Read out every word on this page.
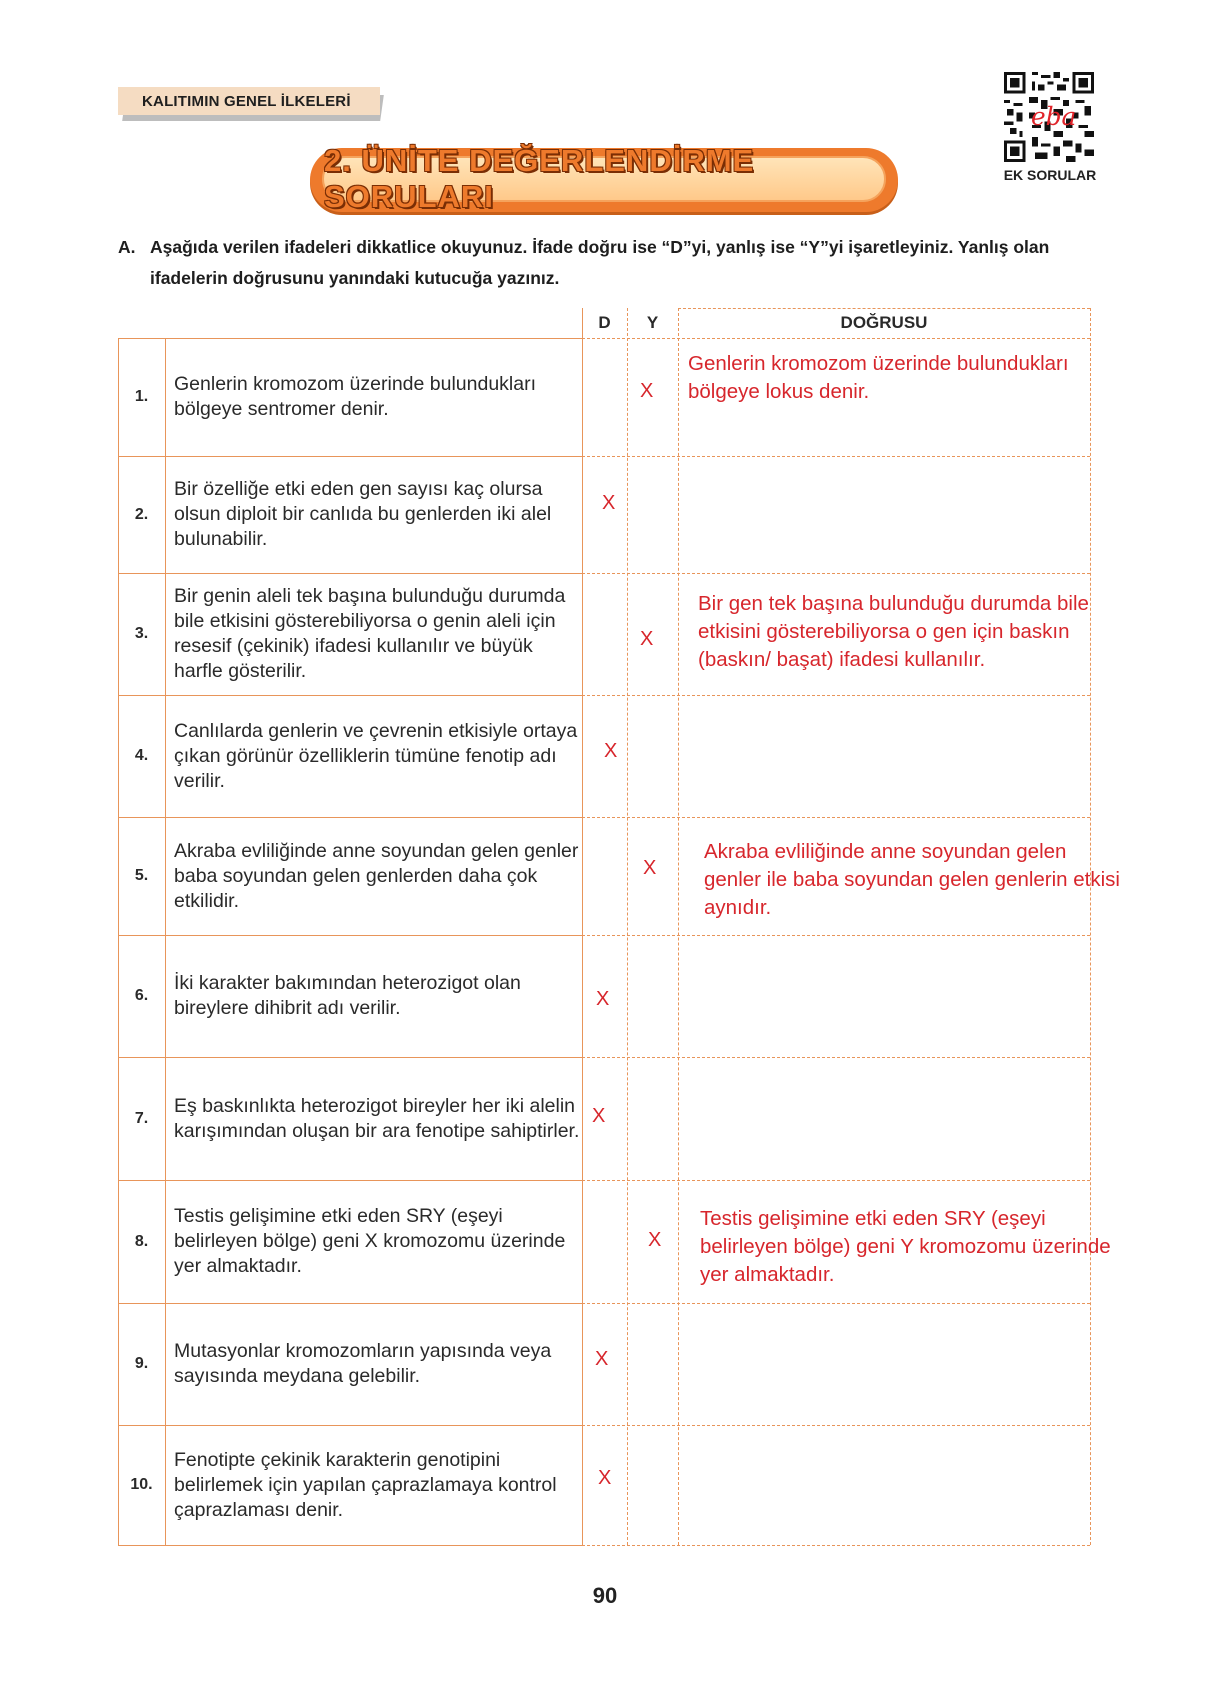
KALITIMIN GENEL İLKELERİ
eba
EK SORULAR
2. ÜNİTE DEĞERLENDİRME SORULARI
A. Aşağıda verilen ifadeleri dikkatlice okuyunuz. İfade doğru ise “D”yi, yanlış ise “Y”yi işaretleyiniz. Yanlış olan ifadelerin doğrusunu yanındaki kutucuğa yazınız.
D	Y	DOĞRUSU
1.
Genlerin kromozom üzerinde bulundukları bölgeye sentromer denir.
2.
Bir özelliğe etki eden gen sayısı kaç olursa olsun diploit bir canlıda bu genlerden iki alel bulunabilir.
3.
Bir genin aleli tek başına bulunduğu durumda bile etkisini gösterebiliyorsa o genin aleli için resesif (çekinik) ifadesi kullanılır ve büyük harfle gösterilir.
4.
Canlılarda genlerin ve çevrenin etkisiyle ortaya çıkan görünür özelliklerin tümüne fenotip adı verilir.
5.
Akraba evliliğinde anne soyundan gelen genler baba soyundan gelen genlerden daha çok etkilidir.
6.
İki karakter bakımından heterozigot olan bireylere dihibrit adı verilir.
7.
Eş baskınlıkta heterozigot bireyler her iki alelin karışımından oluşan bir ara fenotipe sahiptirler.
8.
Testis gelişimine etki eden SRY (eşeyi belirleyen bölge) geni X kromozomu üzerinde yer almaktadır.
9.
Mutasyonlar kromozomların yapısında veya sayısında meydana gelebilir.
10.
Fenotipte çekinik karakterin genotipini belirlemek için yapılan çaprazlamaya kontrol çaprazlaması denir.
90
X
Genlerin kromozom üzerinde bulundukları bölgeye lokus denir.
X
X
Bir gen tek başına bulunduğu durumda bile etkisini gösterebiliyorsa o gen için baskın (baskın/ başat) ifadesi kullanılır.
X
X
Akraba evliliğinde anne soyundan gelen genler ile baba soyundan gelen genlerin etkisi aynıdır.
X
X
X
Testis gelişimine etki eden SRY (eşeyi belirleyen bölge) geni Y kromozomu üzerinde yer almaktadır.
X
X
